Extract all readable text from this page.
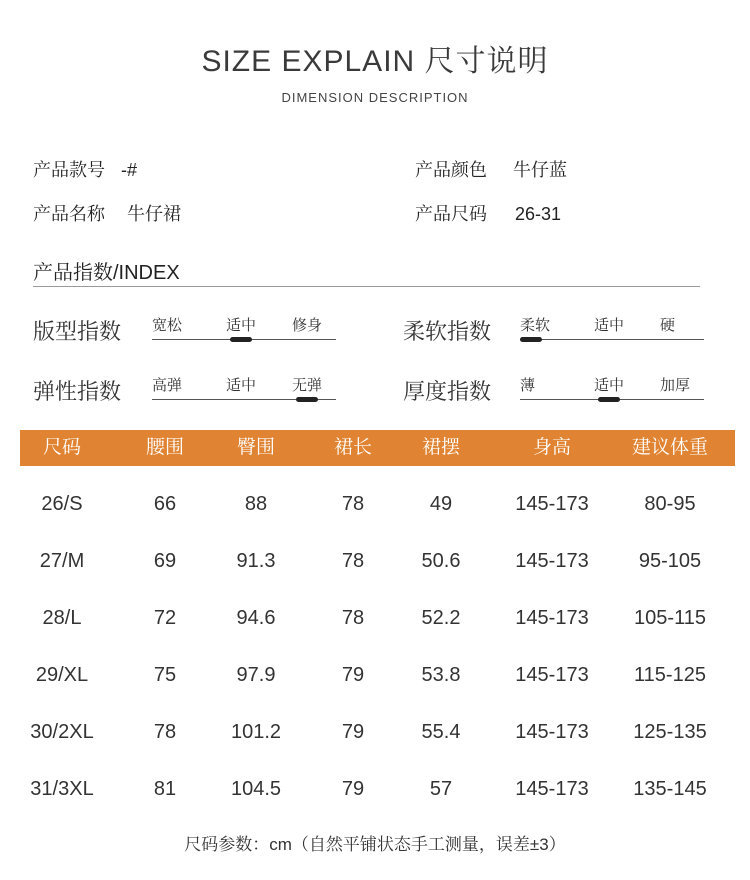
SIZE EXPLAIN 尺寸说明
DIMENSION DESCRIPTION
产品款号 -#	产品颜色 牛仔蓝
产品名称 牛仔裙	产品尺码 26-31
产品指数/INDEX
版型指数 宽松	适中 修身	柔软指数 柔软	适中 硬
弹性指数 高弹	适中 无弹	厚度指数 薄	适中 加厚
尺码	腰围	臀围	裙长	裙摆	身高	建议体重
26/S	66	88	78	49	145-173	80-95
27/M	69	91.3	78	50.6	145-173	95-105
28/L	72	94.6	78	52.2	145-173 105-115
29/XL	75	97.9	79	53.8	145-173 115-125
30/2XL	78	101.2	79	55.4	145-173 125-135
31/3XL	81	104.5	79	57	145-173 135-145
尺码参数：cm（自然平铺状态手工测量，误差±3）
